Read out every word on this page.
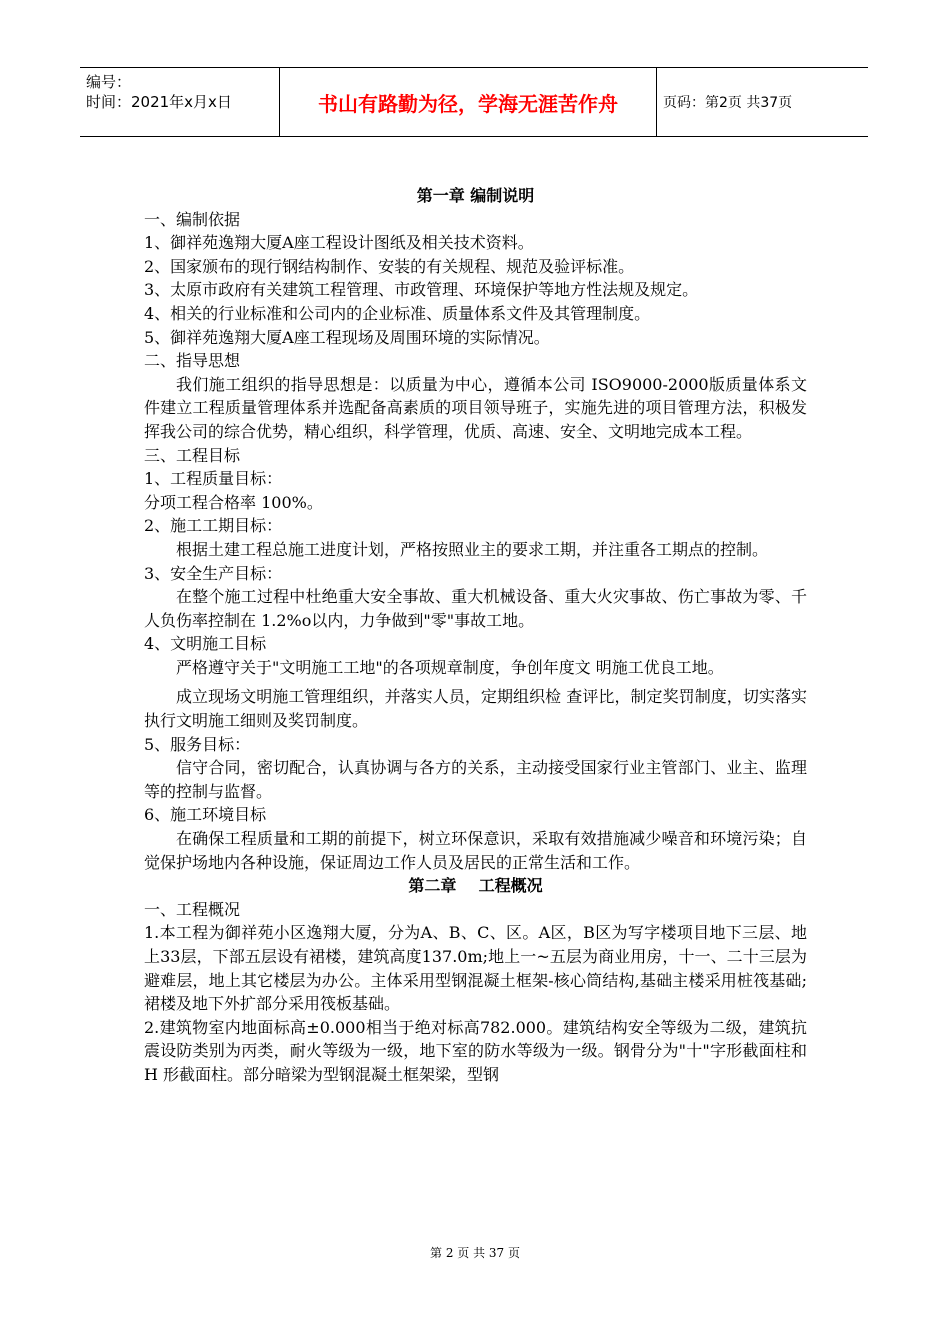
编号：
时间：2021年x月x日	书山有路勤为径，学海无涯苦作舟	页码：第2页 共37页

第一章 编制说明

一、编制依据

1、御祥苑逸翔大厦A座工程设计图纸及相关技术资料。

2、国家颁布的现行钢结构制作、安装的有关规程、规范及验评标准。

3、太原市政府有关建筑工程管理、市政管理、环境保护等地方性法规及规定。

4、相关的行业标准和公司内的企业标准、质量体系文件及其管理制度。

5、御祥苑逸翔大厦A座工程现场及周围环境的实际情况。

二、指导思想

我们施工组织的指导思想是：以质量为中心，遵循本公司 ISO9000-2000版质量体系文件建立工程质量管理体系并选配备高素质的项目领导班子，实施先进的项目管理方法，积极发挥我公司的综合优势，精心组织，科学管理，优质、高速、安全、文明地完成本工程。

三、工程目标

1、工程质量目标：

分项工程合格率 100%。

2、施工工期目标：

根据土建工程总施工进度计划，严格按照业主的要求工期，并注重各工期点的控制。

3、安全生产目标：

在整个施工过程中杜绝重大安全事故、重大机械设备、重大火灾事故、伤亡事故为零、千人负伤率控制在 1.2%o以内，力争做到"零"事故工地。

4、文明施工目标

严格遵守关于"文明施工工地"的各项规章制度，争创年度文 明施工优良工地。

成立现场文明施工管理组织，并落实人员，定期组织检 查评比，制定奖罚制度，切实落实执行文明施工细则及奖罚制度。

5、服务目标：

信守合同，密切配合，认真协调与各方的关系，主动接受国家行业主管部门、业主、监理等的控制与监督。

6、施工环境目标

在确保工程质量和工期的前提下，树立环保意识，采取有效措施减少噪音和环境污染；自觉保护场地内各种设施，保证周边工作人员及居民的正常生活和工作。

第二章    工程概况

一、工程概况

1.本工程为御祥苑小区逸翔大厦，分为A、B、C、区。A区，B区为写字楼项目地下三层、地上33层，下部五层设有裙楼，建筑高度137.0m;地上一~五层为商业用房，十一、二十三层为避难层，地上其它楼层为办公。主体采用型钢混凝土框架-核心筒结构,基础主楼采用桩筏基础;裙楼及地下外扩部分采用筏板基础。

2.建筑物室内地面标高±0.000相当于绝对标高782.000。建筑结构安全等级为二级，建筑抗震设防类别为丙类，耐火等级为一级，地下室的防水等级为一级。钢骨分为"十"字形截面柱和 H 形截面柱。部分暗梁为型钢混凝土框架梁，型钢

第 2 页 共 37 页
